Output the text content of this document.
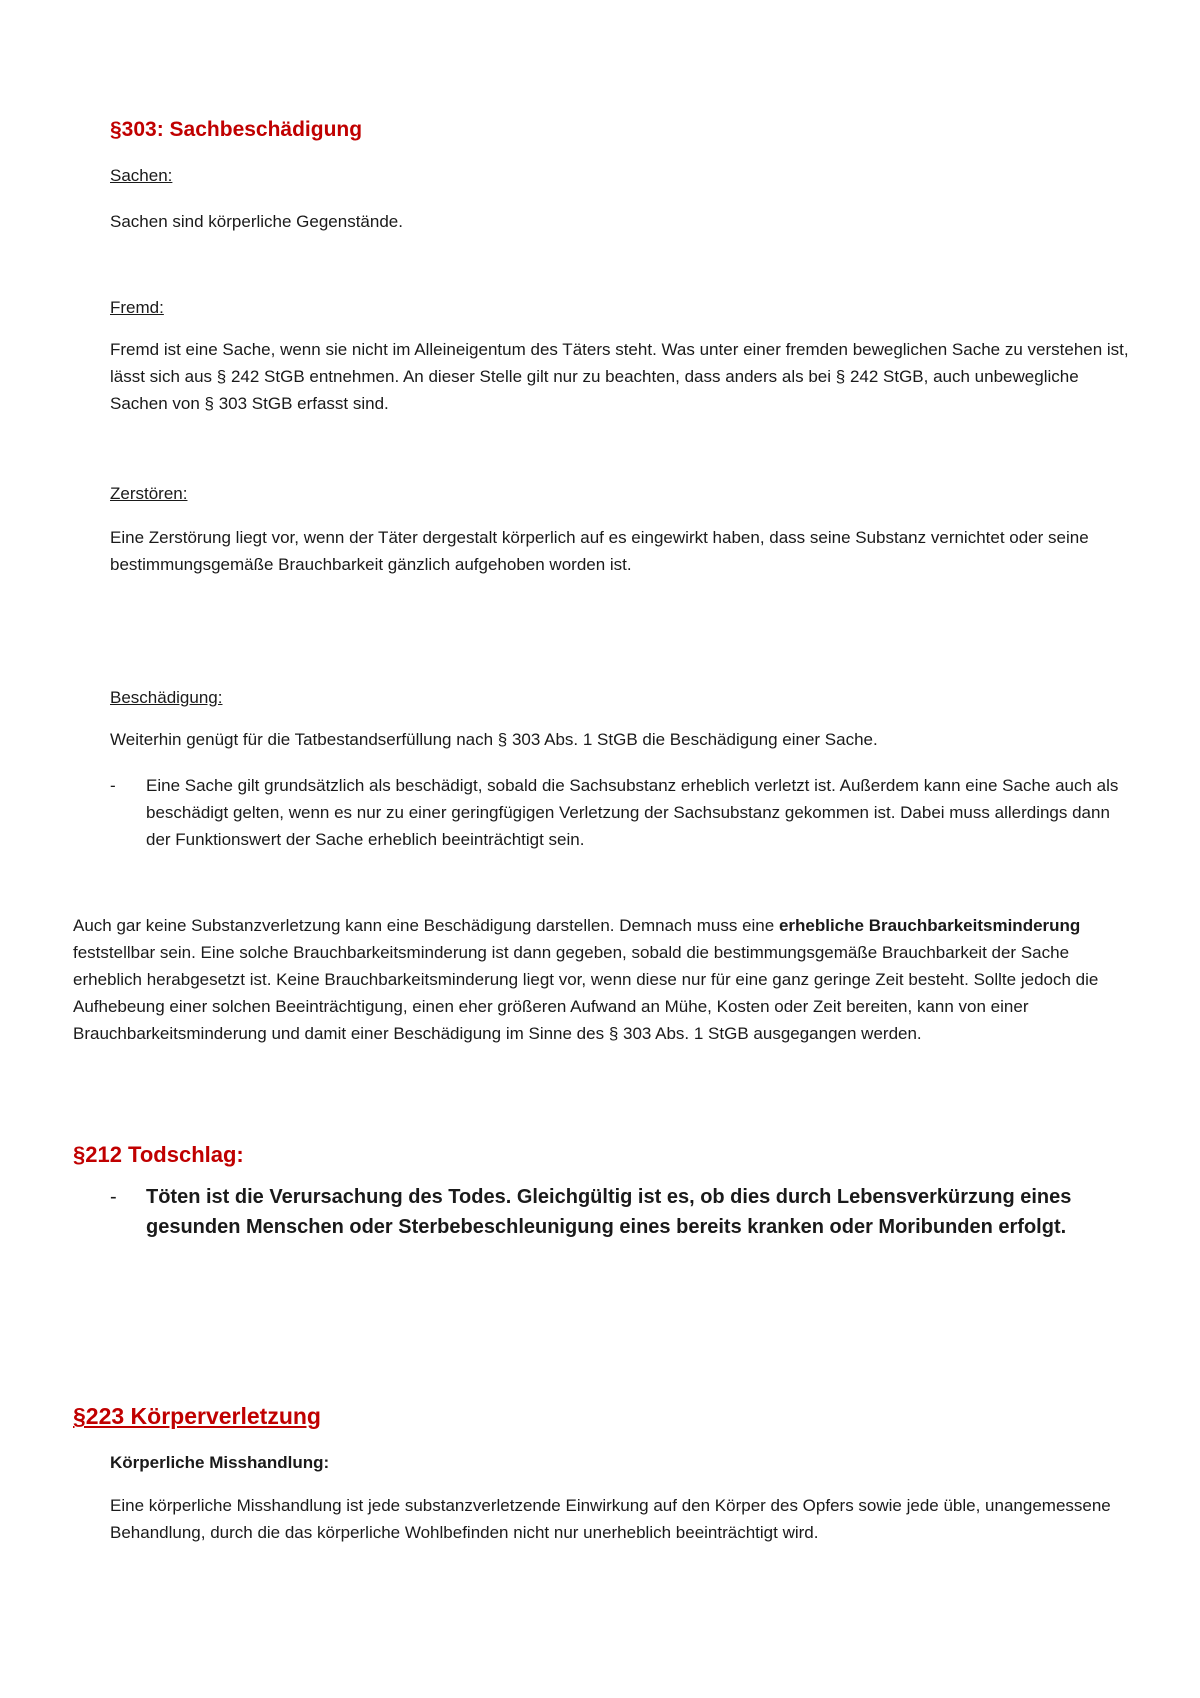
§303: Sachbeschädigung

Sachen:

Sachen sind körperliche Gegenstände.

Fremd:

Fremd ist eine Sache, wenn sie nicht im Alleineigentum des Täters steht. Was unter einer fremden beweglichen Sache zu verstehen ist, lässt sich aus § 242 StGB entnehmen. An dieser Stelle gilt nur zu beachten, dass anders als bei § 242 StGB, auch unbewegliche Sachen von § 303 StGB erfasst sind.

Zerstören:

Eine Zerstörung liegt vor, wenn der Täter dergestalt körperlich auf es eingewirkt haben, dass seine Substanz vernichtet oder seine bestimmungsgemäße Brauchbarkeit gänzlich aufgehoben worden ist.

Beschädigung:

Weiterhin genügt für die Tatbestandserfüllung nach § 303 Abs. 1 StGB die Beschädigung einer Sache.

- Eine Sache gilt grundsätzlich als beschädigt, sobald die Sachsubstanz erheblich verletzt ist. Außerdem kann eine Sache auch als beschädigt gelten, wenn es nur zu einer geringfügigen Verletzung der Sachsubstanz gekommen ist. Dabei muss allerdings dann der Funktionswert der Sache erheblich beeinträchtigt sein.

Auch gar keine Substanzverletzung kann eine Beschädigung darstellen. Demnach muss eine erhebliche Brauchbarkeitsminderung feststellbar sein. Eine solche Brauchbarkeitsminderung ist dann gegeben, sobald die bestimmungsgemäße Brauchbarkeit der Sache erheblich herabgesetzt ist. Keine Brauchbarkeitsminderung liegt vor, wenn diese nur für eine ganz geringe Zeit besteht. Sollte jedoch die Aufhebeung einer solchen Beeinträchtigung, einen eher größeren Aufwand an Mühe, Kosten oder Zeit bereiten, kann von einer Brauchbarkeitsminderung und damit einer Beschädigung im Sinne des § 303 Abs. 1 StGB ausgegangen werden.

§212 Todschlag:

- Töten ist die Verursachung des Todes. Gleichgültig ist es, ob dies durch Lebensverkürzung eines gesunden Menschen oder Sterbebeschleunigung eines bereits kranken oder Moribunden erfolgt.

§223 Körperverletzung

Körperliche Misshandlung:

Eine körperliche Misshandlung ist jede substanzverletzende Einwirkung auf den Körper des Opfers sowie jede üble, unangemessene Behandlung, durch die das körperliche Wohlbefinden nicht nur unerheblich beeinträchtigt wird.
